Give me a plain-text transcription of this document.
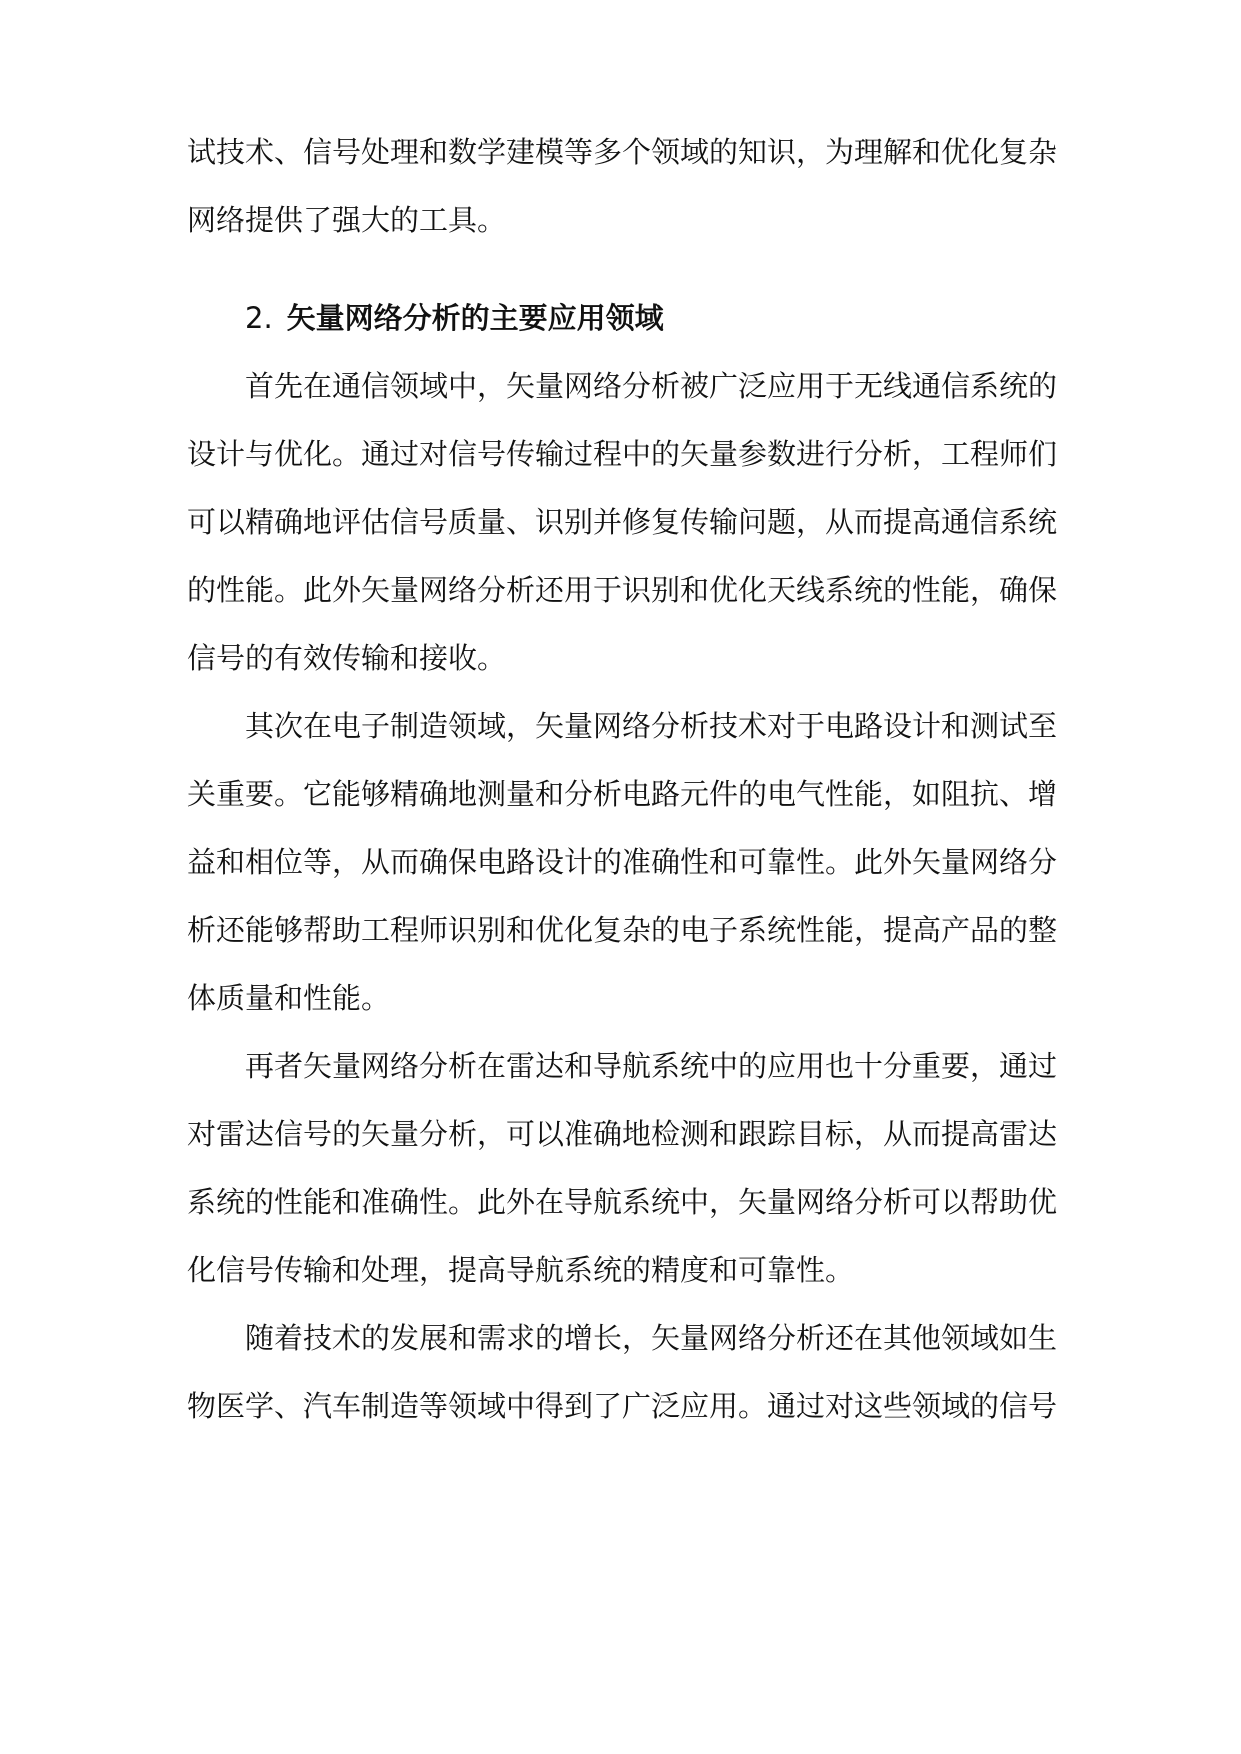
试技术、信号处理和数学建模等多个领域的知识，为理解和优化复杂
网络提供了强大的工具。
2. 矢量网络分析的主要应用领域
首先在通信领域中，矢量网络分析被广泛应用于无线通信系统的
设计与优化。通过对信号传输过程中的矢量参数进行分析，工程师们
可以精确地评估信号质量、识别并修复传输问题，从而提高通信系统
的性能。此外矢量网络分析还用于识别和优化天线系统的性能，确保
信号的有效传输和接收。
其次在电子制造领域，矢量网络分析技术对于电路设计和测试至
关重要。它能够精确地测量和分析电路元件的电气性能，如阻抗、增
益和相位等，从而确保电路设计的准确性和可靠性。此外矢量网络分
析还能够帮助工程师识别和优化复杂的电子系统性能，提高产品的整
体质量和性能。
再者矢量网络分析在雷达和导航系统中的应用也十分重要，通过
对雷达信号的矢量分析，可以准确地检测和跟踪目标，从而提高雷达
系统的性能和准确性。此外在导航系统中，矢量网络分析可以帮助优
化信号传输和处理，提高导航系统的精度和可靠性。
随着技术的发展和需求的增长，矢量网络分析还在其他领域如生
物医学、汽车制造等领域中得到了广泛应用。通过对这些领域的信号
